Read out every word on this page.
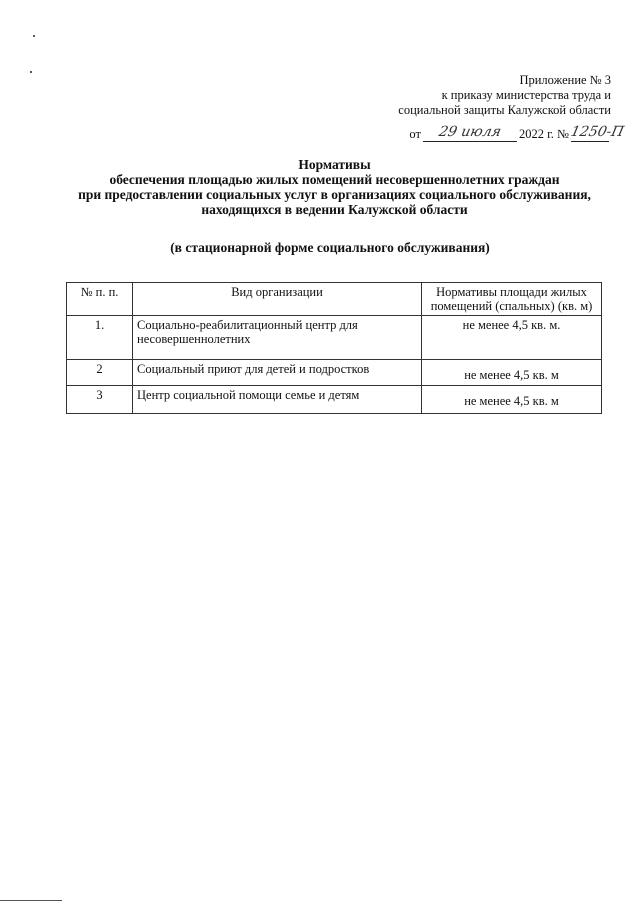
Приложение № 3
к приказу министерства труда и
социальной защиты Калужской области
от	29 июля	2022 г. № 1250-П
Нормативы
обеспечения площадью жилых помещений несовершеннолетних граждан
при предоставлении социальных услуг в организациях социального обслуживания,
находящихся в ведении Калужской области
(в стационарной форме социального обслуживания)
№ п. п.	Вид организации	Нормативы площади жилых помещений (спальных) (кв. м)
1.	Социально-реабилитационный центр для несовершеннолетних	не менее 4,5 кв. м.
2	Социальный приют для детей и подростков	не менее 4,5 кв. м
3	Центр социальной помощи семье и детям	не менее 4,5 кв. м
